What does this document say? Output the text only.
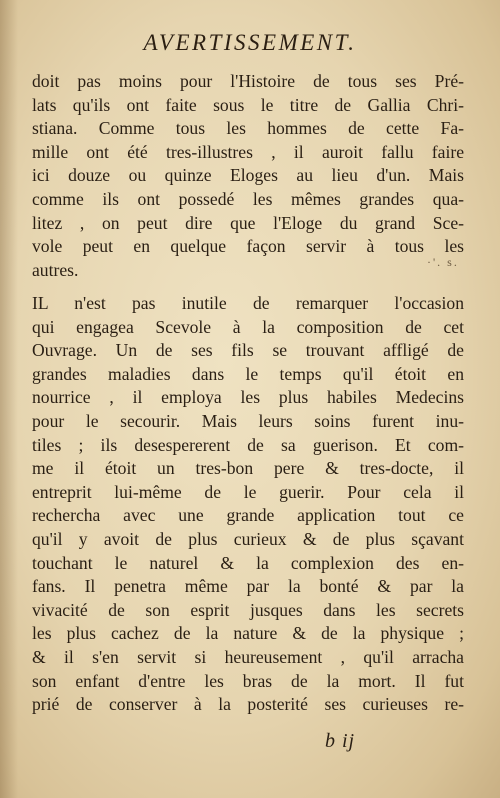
AVERTISSEMENT.
doit pas moins pour l'Histoire de tous ses Pré-
lats qu'ils ont faite sous le titre de Gallia Chri-
stiana. Comme tous les hommes de cette Fa-
mille ont été tres-illustres , il auroit fallu faire
ici douze ou quinze Eloges au lieu d'un. Mais
comme ils ont possedé les mêmes grandes qua-
litez , on peut dire que l'Eloge du grand Sce-
vole peut en quelque façon servir à tous les
autres.	·'. s.
IL n'est pas inutile de remarquer l'occasion
qui engagea Scevole à la composition de cet
Ouvrage. Un de ses fils se trouvant affligé de
grandes maladies dans le temps qu'il étoit en
nourrice , il employa les plus habiles Medecins
pour le secourir. Mais leurs soins furent inu-
tiles ; ils desespererent de sa guerison. Et com-
me il étoit un tres-bon pere & tres-docte, il
entreprit lui-même de le guerir. Pour cela il
rechercha avec une grande application tout ce
qu'il y avoit de plus curieux & de plus sçavant
touchant le naturel & la complexion des en-
fans. Il penetra même par la bonté & par la
vivacité de son esprit jusques dans les secrets
les plus cachez de la nature & de la physique ;
& il s'en servit si heureusement , qu'il arracha
son enfant d'entre les bras de la mort. Il fut
prié de conserver à la posterité ses curieuses re-
b ij
